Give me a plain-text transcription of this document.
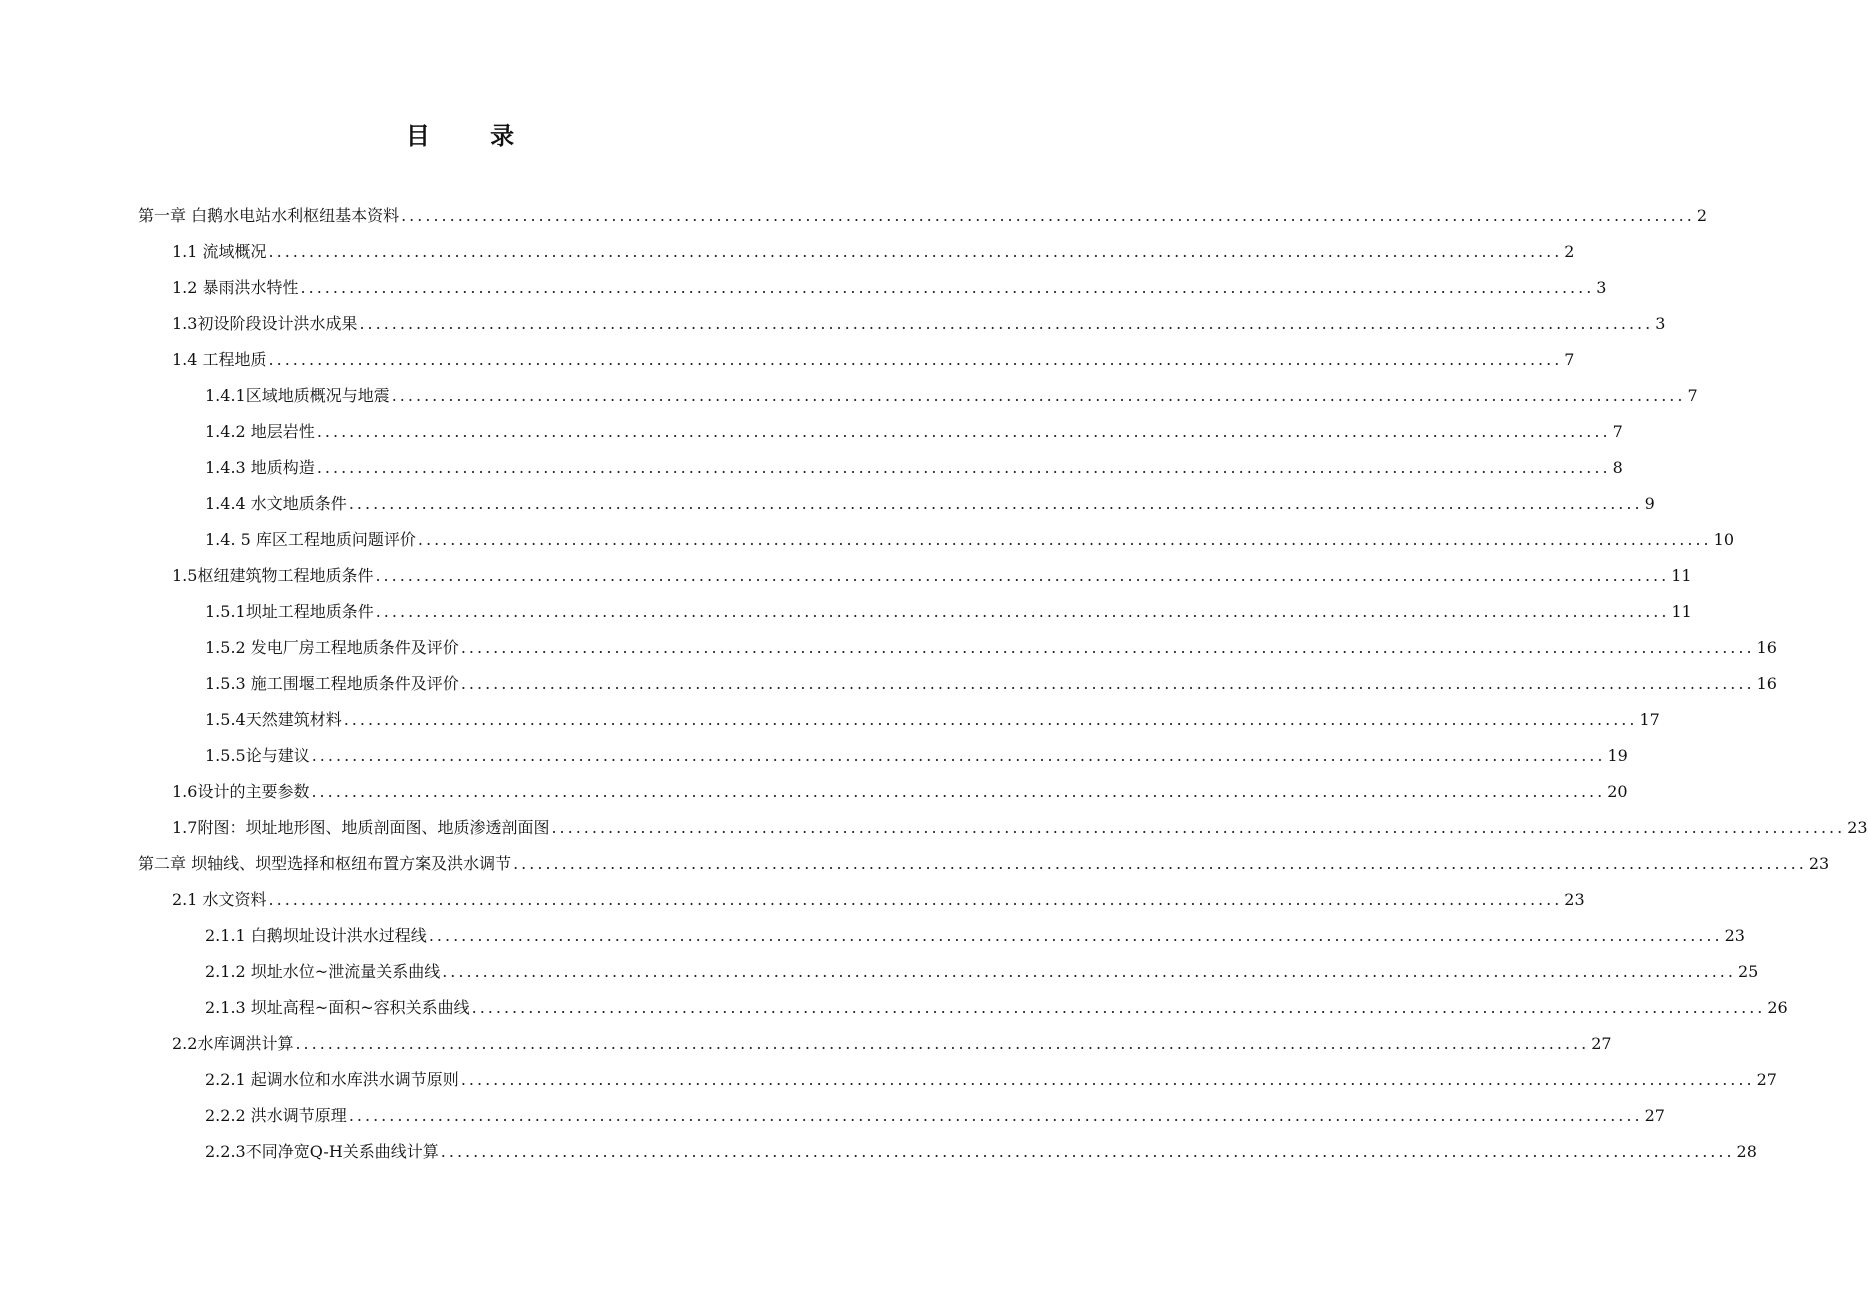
目 录
第一章 白鹅水电站水利枢纽基本资料 ................................................................................................................................................................ 2
1.1 流域概况 ................................................................................................................................................................ 2
1.2 暴雨洪水特性 ................................................................................................................................................................ 3
1.3初设阶段设计洪水成果 ................................................................................................................................................................ 3
1.4 工程地质 ................................................................................................................................................................ 7
1.4.1区域地质概况与地震 ................................................................................................................................................................ 7
1.4.2 地层岩性 ................................................................................................................................................................ 7
1.4.3 地质构造 ................................................................................................................................................................ 8
1.4.4 水文地质条件 ................................................................................................................................................................ 9
1.4. 5 库区工程地质问题评价 ................................................................................................................................................................ 10
1.5枢纽建筑物工程地质条件 ................................................................................................................................................................ 11
1.5.1坝址工程地质条件 ................................................................................................................................................................ 11
1.5.2 发电厂房工程地质条件及评价 ................................................................................................................................................................ 16
1.5.3 施工围堰工程地质条件及评价 ................................................................................................................................................................ 16
1.5.4天然建筑材料 ................................................................................................................................................................ 17
1.5.5论与建议 ................................................................................................................................................................ 19
1.6设计的主要参数 ................................................................................................................................................................ 20
1.7附图：坝址地形图、地质剖面图、地质渗透剖面图 ................................................................................................................................................................ 23
第二章 坝轴线、坝型选择和枢纽布置方案及洪水调节 ................................................................................................................................................................ 23
2.1 水文资料 ................................................................................................................................................................ 23
2.1.1 白鹅坝址设计洪水过程线 ................................................................................................................................................................ 23
2.1.2 坝址水位~泄流量关系曲线 ................................................................................................................................................................ 25
2.1.3 坝址高程~面积~容积关系曲线 ................................................................................................................................................................ 26
2.2水库调洪计算 ................................................................................................................................................................ 27
2.2.1 起调水位和水库洪水调节原则 ................................................................................................................................................................ 27
2.2.2 洪水调节原理 ................................................................................................................................................................ 27
2.2.3不同净宽Q-H关系曲线计算 ................................................................................................................................................................ 28
